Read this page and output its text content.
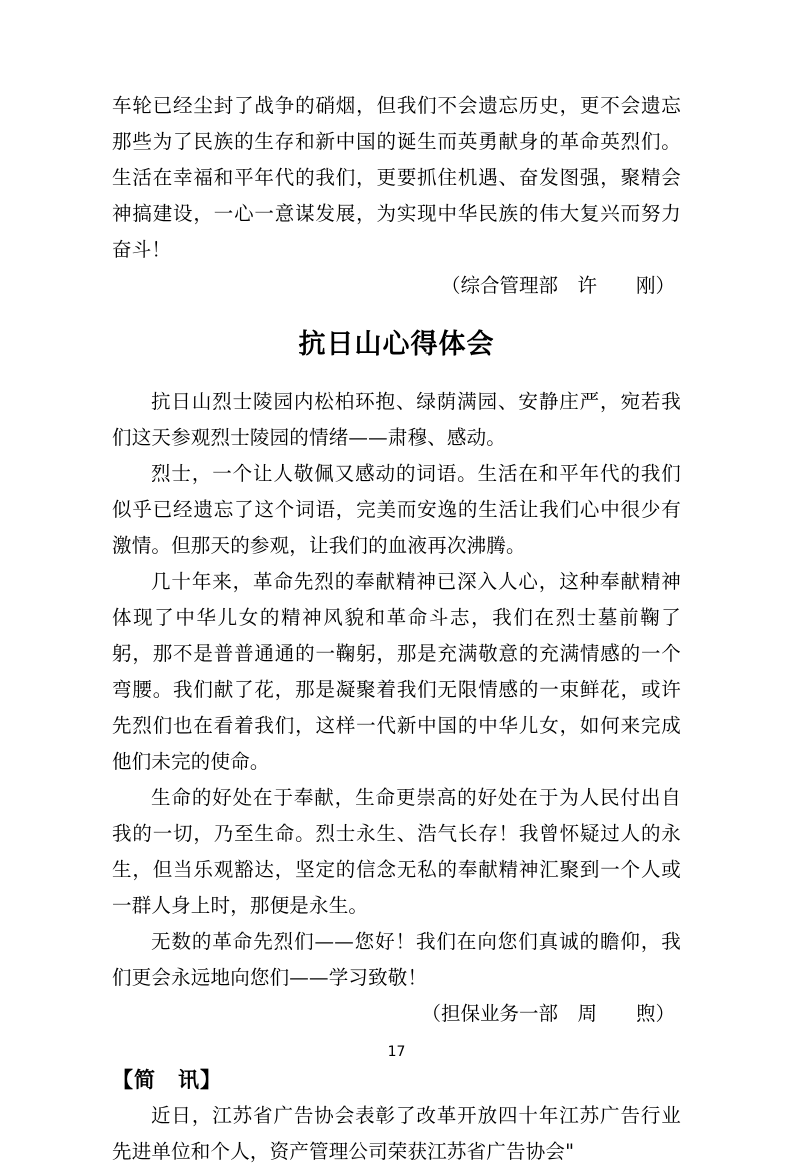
车轮已经尘封了战争的硝烟，但我们不会遗忘历史，更不会遗忘那些为了民族的生存和新中国的诞生而英勇献身的革命英烈们。生活在幸福和平年代的我们，更要抓住机遇、奋发图强，聚精会神搞建设，一心一意谋发展，为实现中华民族的伟大复兴而努力奋斗！

（综合管理部　许　　刚）

抗日山心得体会

抗日山烈士陵园内松柏环抱、绿荫满园、安静庄严，宛若我们这天参观烈士陵园的情绪——肃穆、感动。

烈士，一个让人敬佩又感动的词语。生活在和平年代的我们似乎已经遗忘了这个词语，完美而安逸的生活让我们心中很少有激情。但那天的参观，让我们的血液再次沸腾。

几十年来，革命先烈的奉献精神已深入人心，这种奉献精神体现了中华儿女的精神风貌和革命斗志，我们在烈士墓前鞠了躬，那不是普普通通的一鞠躬，那是充满敬意的充满情感的一个弯腰。我们献了花，那是凝聚着我们无限情感的一束鲜花，或许先烈们也在看着我们，这样一代新中国的中华儿女，如何来完成他们未完的使命。

生命的好处在于奉献，生命更崇高的好处在于为人民付出自我的一切，乃至生命。烈士永生、浩气长存！我曾怀疑过人的永生，但当乐观豁达，坚定的信念无私的奉献精神汇聚到一个人或一群人身上时，那便是永生。

无数的革命先烈们——您好！我们在向您们真诚的瞻仰，我们更会永远地向您们——学习致敬！

（担保业务一部　周　　煦）

【简　讯】

近日，江苏省广告协会表彰了改革开放四十年江苏广告行业先进单位和个人，资产管理公司荣获江苏省广告协会"

17
